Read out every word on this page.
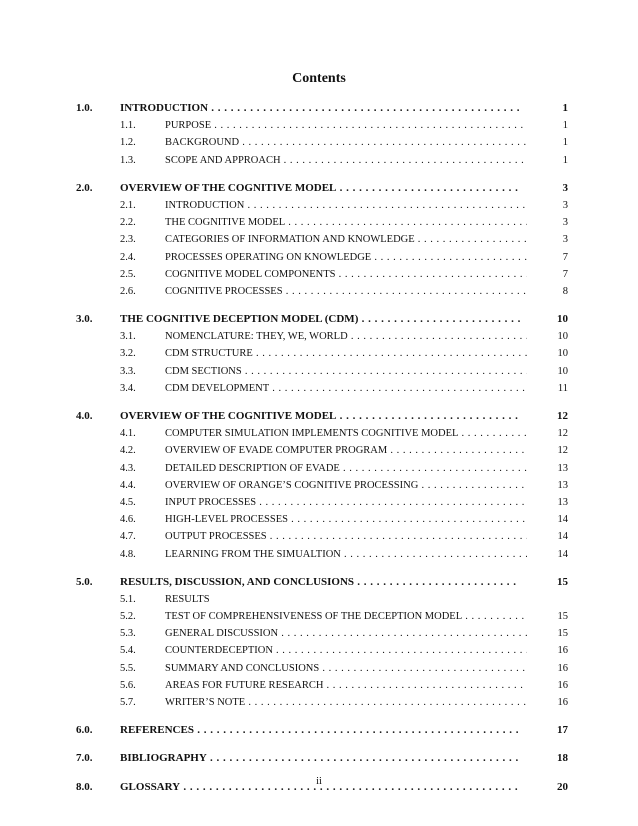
Contents
1.0.	INTRODUCTION . . .	1
1.1.	PURPOSE . . .	1
1.2.	BACKGROUND . . .	1
1.3.	SCOPE AND APPROACH . . .	1
2.0.	OVERVIEW OF THE COGNITIVE MODEL . . .	3
2.1.	INTRODUCTION . . .	3
2.2.	THE COGNITIVE MODEL . . .	3
2.3.	CATEGORIES OF INFORMATION AND KNOWLEDGE . . .	3
2.4.	PROCESSES OPERATING ON KNOWLEDGE . . .	7
2.5.	COGNITIVE MODEL COMPONENTS . . .	7
2.6.	COGNITIVE PROCESSES . . .	8
3.0.	THE COGNITIVE DECEPTION MODEL (CDM) . . .	10
3.1.	NOMENCLATURE: THEY, WE, WORLD . . .	10
3.2.	CDM STRUCTURE . . .	10
3.3.	CDM SECTIONS . . .	10
3.4.	CDM DEVELOPMENT . . .	11
4.0.	OVERVIEW OF THE COGNITIVE MODEL . . .	12
4.1.	COMPUTER SIMULATION IMPLEMENTS COGNITIVE MODEL . . .	12
4.2.	OVERVIEW OF EVADE COMPUTER PROGRAM . . .	12
4.3.	DETAILED DESCRIPTION OF EVADE . . .	13
4.4.	OVERVIEW OF ORANGE’S COGNITIVE PROCESSING . . .	13
4.5.	INPUT PROCESSES . . .	13
4.6.	HIGH-LEVEL PROCESSES . . .	14
4.7.	OUTPUT PROCESSES . . .	14
4.8.	LEARNING FROM THE SIMUALTION . . .	14
5.0.	RESULTS, DISCUSSION, AND CONCLUSIONS . . .	15
5.1.	RESULTS
5.2.	TEST OF COMPREHENSIVENESS OF THE DECEPTION MODEL . . .	15
5.3.	GENERAL DISCUSSION . . .	15
5.4.	COUNTERDECEPTION . . .	16
5.5.	SUMMARY AND CONCLUSIONS . . .	16
5.6.	AREAS FOR FUTURE RESEARCH . . .	16
5.7.	WRITER’S NOTE . . .	16
6.0.	REFERENCES . . .	17
7.0.	BIBLIOGRAPHY . . .	18
8.0.	GLOSSARY . . .	20
ii
